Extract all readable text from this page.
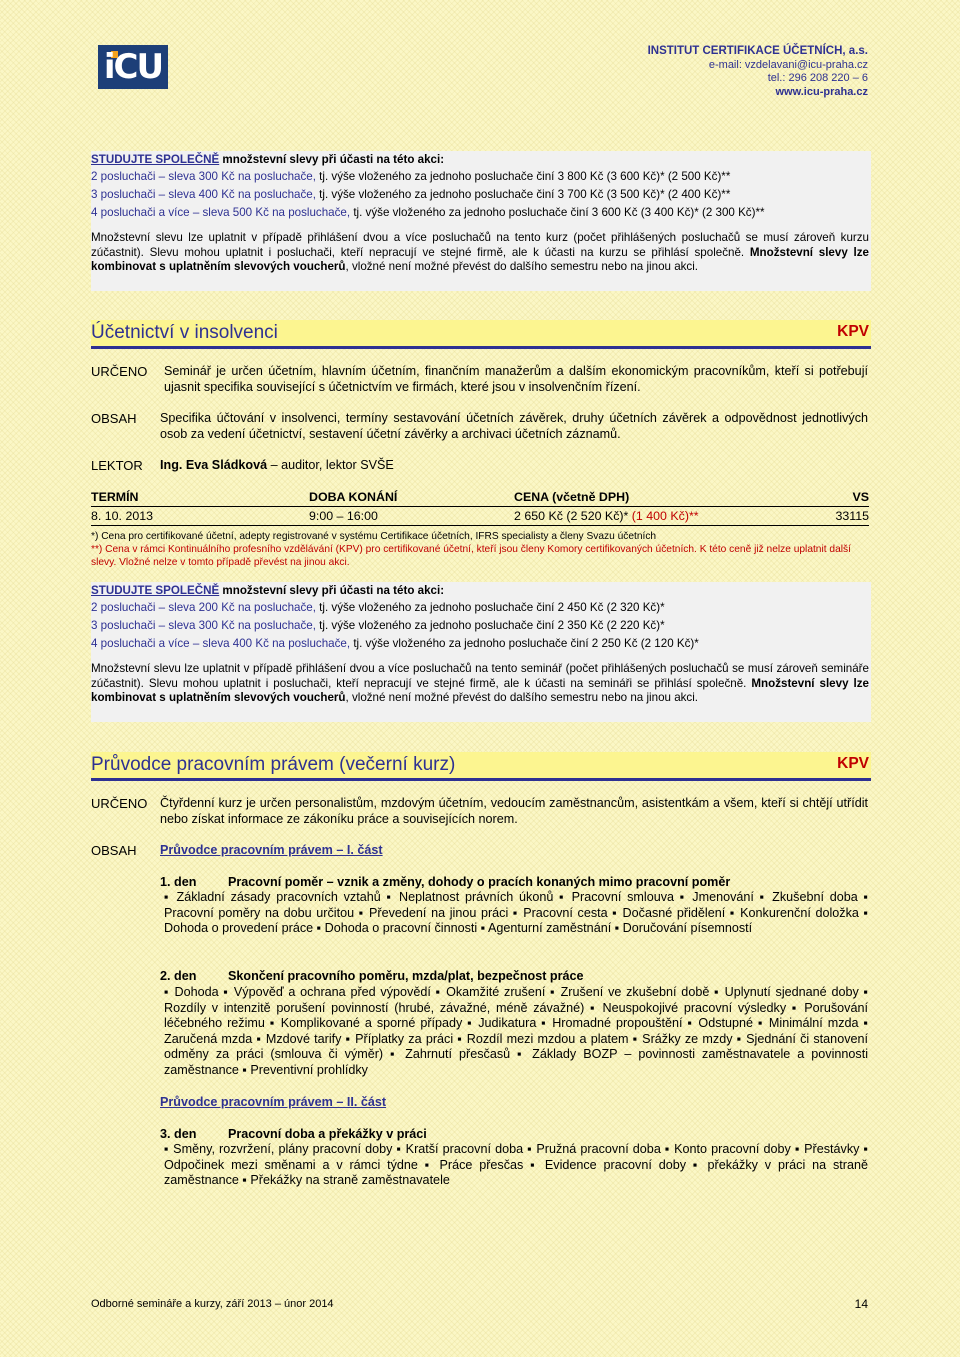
iCU	INSTITUT CERTIFIKACE ÚČETNÍCH, a.s.
e-mail: vzdelavani@icu-praha.cz
tel.: 296 208 220 – 6
www.icu-praha.cz
STUDUJTE SPOLEČNĚ množstevní slevy při účasti na této akci:
2 posluchači – sleva 300 Kč na posluchače, tj. výše vloženého za jednoho posluchače činí 3 800 Kč (3 600 Kč)* (2 500 Kč)**
3 posluchači – sleva 400 Kč na posluchače, tj. výše vloženého za jednoho posluchače činí 3 700 Kč (3 500 Kč)* (2 400 Kč)**
4 posluchači a více – sleva 500 Kč na posluchače, tj. výše vloženého za jednoho posluchače činí 3 600 Kč (3 400 Kč)* (2 300 Kč)**
Množstevní slevu lze uplatnit v případě přihlášení dvou a více posluchačů na tento kurz (počet přihlášených posluchačů se musí zároveň kurzu zúčastnit). Slevu mohou uplatnit i posluchači, kteří nepracují ve stejné firmě, ale k účasti na kurzu se přihlásí společně. Množstevní slevy lze kombinovat s uplatněním slevových voucherů, vložné není možné převést do dalšího semestru nebo na jinou akci.
Účetnictví v insolvenci	KPV
URČENO Seminář je určen účetním, hlavním účetním, finančním manažerům a dalším ekonomickým pracovníkům, kteří si potřebují ujasnit specifika související s účetnictvím ve firmách, které jsou v insolvenčním řízení.
OBSAH Specifika účtování v insolvenci, termíny sestavování účetních závěrek, druhy účetních závěrek a odpovědnost jednotlivých osob za vedení účetnictví, sestavení účetní závěrky a archivaci účetních záznamů.
LEKTOR Ing. Eva Sládková – auditor, lektor SVŠE
TERMÍN	DOBA KONÁNÍ	CENA (včetně DPH)	VS
8. 10. 2013	9:00 – 16:00	2 650 Kč (2 520 Kč)* (1 400 Kč)**	33115
*) Cena pro certifikované účetní, adepty registrované v systému Certifikace účetních, IFRS specialisty a členy Svazu účetních
**) Cena v rámci Kontinuálního profesního vzdělávání (KPV) pro certifikované účetní, kteří jsou členy Komory certifikovaných účetních. K této ceně již nelze uplatnit další slevy. Vložné nelze v tomto případě převést na jinou akci.
STUDUJTE SPOLEČNĚ množstevní slevy při účasti na této akci:
2 posluchači – sleva 200 Kč na posluchače, tj. výše vloženého za jednoho posluchače činí 2 450 Kč (2 320 Kč)*
3 posluchači – sleva 300 Kč na posluchače, tj. výše vloženého za jednoho posluchače činí 2 350 Kč (2 220 Kč)*
4 posluchači a více – sleva 400 Kč na posluchače, tj. výše vloženého za jednoho posluchače činí 2 250 Kč (2 120 Kč)*
Množstevní slevu lze uplatnit v případě přihlášení dvou a více posluchačů na tento seminář (počet přihlášených posluchačů se musí zároveň semináře zúčastnit). Slevu mohou uplatnit i posluchači, kteří nepracují ve stejné firmě, ale k účasti na semináři se přihlásí společně. Množstevní slevy lze kombinovat s uplatněním slevových voucherů, vložné není možné převést do dalšího semestru nebo na jinou akci.
Průvodce pracovním právem (večerní kurz)	KPV
URČENO Čtyřdenní kurz je určen personalistům, mzdovým účetním, vedoucím zaměstnancům, asistentkám a všem, kteří si chtějí utřídit nebo získat informace ze zákoníku práce a souvisejících norem.
OBSAH Průvodce pracovním právem – I. část
1. den	Pracovní poměr – vznik a změny, dohody o pracích konaných mimo pracovní poměr
▪ Základní zásady pracovních vztahů ▪ Neplatnost právních úkonů ▪ Pracovní smlouva ▪ Jmenování ▪ Zkušební doba ▪ Pracovní poměry na dobu určitou ▪ Převedení na jinou práci ▪ Pracovní cesta ▪ Dočasné přidělení ▪ Konkurenční doložka ▪ Dohoda o provedení práce ▪ Dohoda o pracovní činnosti ▪ Agenturní zaměstnání ▪ Doručování písemností
2. den	Skončení pracovního poměru, mzda/plat, bezpečnost práce
▪ Dohoda ▪ Výpověď a ochrana před výpovědí ▪ Okamžité zrušení ▪ Zrušení ve zkušební době ▪ Uplynutí sjednané doby ▪ Rozdíly v intenzitě porušení povinností (hrubé, závažné, méně závažné) ▪ Neuspokojivé pracovní výsledky ▪ Porušování léčebného režimu ▪ Komplikované a sporné případy ▪ Judikatura ▪ Hromadné propouštění ▪ Odstupné ▪ Minimální mzda ▪ Zaručená mzda ▪ Mzdové tarify ▪ Příplatky za práci ▪ Rozdíl mezi mzdou a platem ▪ Srážky ze mzdy ▪ Sjednání či stanovení odměny za práci (smlouva či výměr) ▪ Zahrnutí přesčasů ▪ Základy BOZP – povinnosti zaměstnavatele a povinnosti zaměstnance ▪ Preventivní prohlídky
Průvodce pracovním právem – II. část
3. den	Pracovní doba a překážky v práci
▪ Směny, rozvržení, plány pracovní doby ▪ Kratší pracovní doba ▪ Pružná pracovní doba ▪ Konto pracovní doby ▪ Přestávky ▪ Odpočinek mezi směnami a v rámci týdne ▪ Práce přesčas ▪ Evidence pracovní doby ▪ překážky v práci na straně zaměstnance ▪ Překážky na straně zaměstnavatele
Odborné semináře a kurzy, září 2013 – únor 2014	14
